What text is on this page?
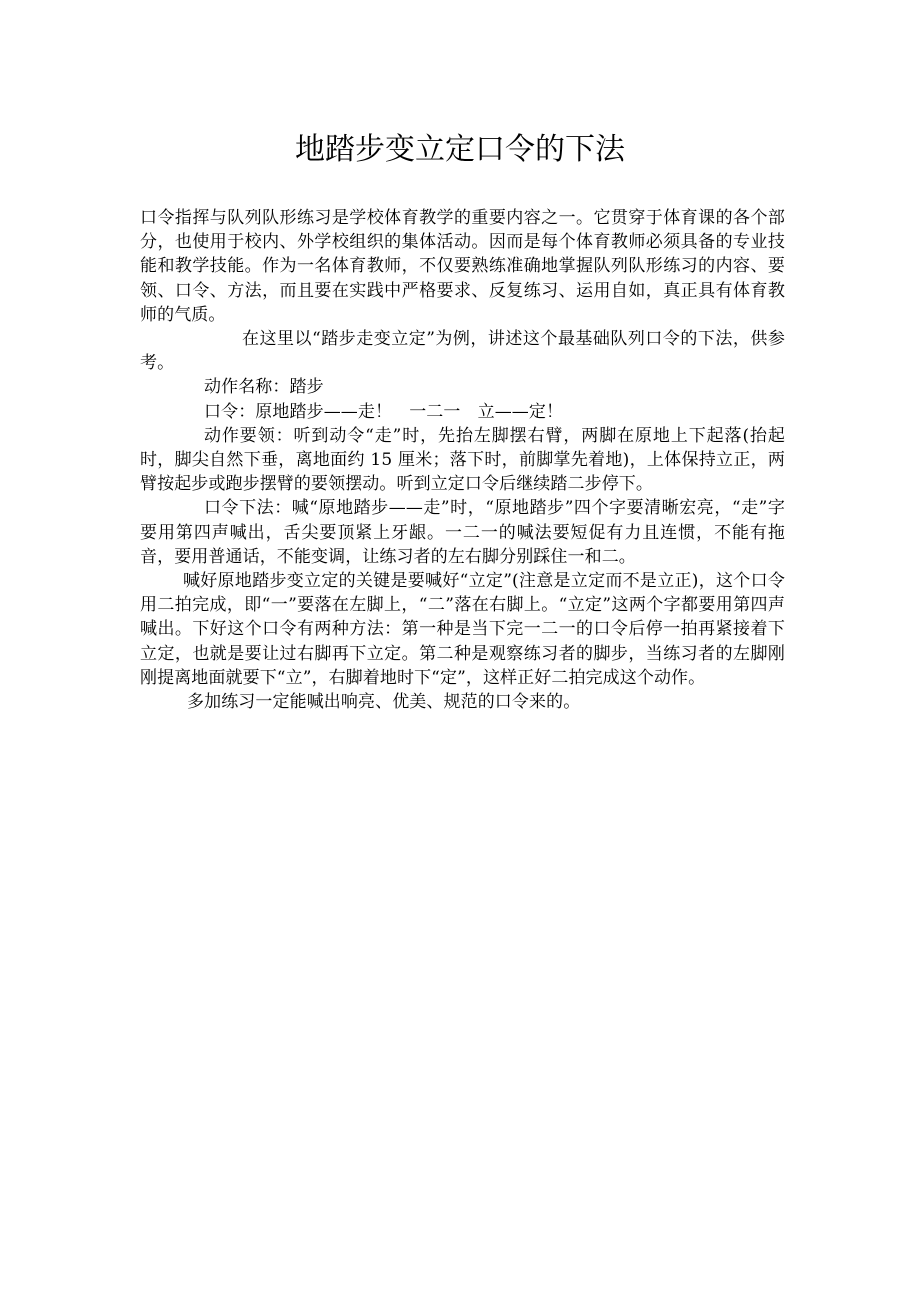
地踏步变立定口令的下法

口令指挥与队列队形练习是学校体育教学的重要内容之一。它贯穿于体育课的各个部分，也使用于校内、外学校组织的集体活动。因而是每个体育教师必须具备的专业技能和教学技能。作为一名体育教师，不仅要熟练准确地掌握队列队形练习的内容、要领、口令、方法，而且要在实践中严格要求、反复练习、运用自如，真正具有体育教师的气质。

在这里以“踏步走变立定”为例，讲述这个最基础队列口令的下法，供参考。

动作名称：踏步

口令：原地踏步——走！　一二一　立——定！

动作要领：听到动令“走”时，先抬左脚摆右臂，两脚在原地上下起落(抬起时，脚尖自然下垂，离地面约 15 厘米；落下时，前脚掌先着地)，上体保持立正，两臂按起步或跑步摆臂的要领摆动。听到立定口令后继续踏二步停下。

口令下法：喊“原地踏步——走”时，“原地踏步”四个字要清晰宏亮，“走”字要用第四声喊出，舌尖要顶紧上牙龈。一二一的喊法要短促有力且连惯，不能有拖音，要用普通话，不能变调，让练习者的左右脚分别踩住一和二。

喊好原地踏步变立定的关键是要喊好“立定”(注意是立定而不是立正)，这个口令用二拍完成，即“一”要落在左脚上，“二”落在右脚上。“立定”这两个字都要用第四声喊出。下好这个口令有两种方法：第一种是当下完一二一的口令后停一拍再紧接着下立定，也就是要让过右脚再下立定。第二种是观察练习者的脚步，当练习者的左脚刚刚提离地面就要下“立”，右脚着地时下“定”，这样正好二拍完成这个动作。

多加练习一定能喊出响亮、优美、规范的口令来的。
